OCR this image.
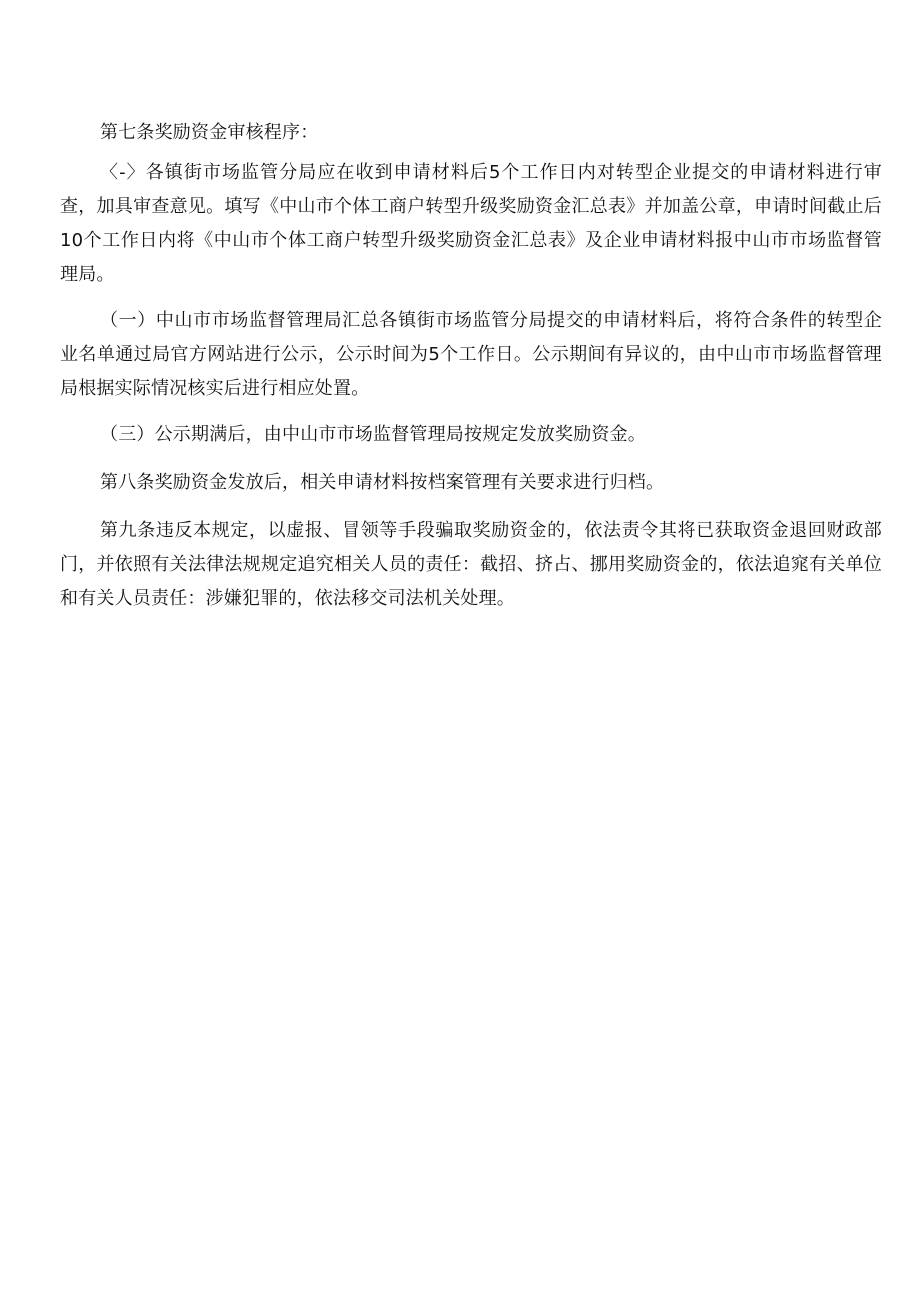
第七条奖励资金审核程序：

〈-〉各镇街市场监管分局应在收到申请材料后5个工作日内对转型企业提交的申请材料进行审查，加具审查意见。填写《中山市个体工商户转型升级奖励资金汇总表》并加盖公章，申请时间截止后10个工作日内将《中山市个体工商户转型升级奖励资金汇总表》及企业申请材料报中山市市场监督管理局。

（一）中山市市场监督管理局汇总各镇街市场监管分局提交的申请材料后，将符合条件的转型企业名单通过局官方网站进行公示，公示时间为5个工作日。公示期间有异议的，由中山市市场监督管理局根据实际情况核实后进行相应处置。

（三）公示期满后，由中山市市场监督管理局按规定发放奖励资金。

第八条奖励资金发放后，相关申请材料按档案管理有关要求进行归档。

第九条违反本规定，以虚报、冒领等手段骗取奖励资金的，依法责令其将已获取资金退回财政部门，并依照有关法律法规规定追究相关人员的责任：截招、挤占、挪用奖励资金的，依法追窕有关单位和有关人员责任：涉嫌犯罪的，依法移交司法机关处理。
